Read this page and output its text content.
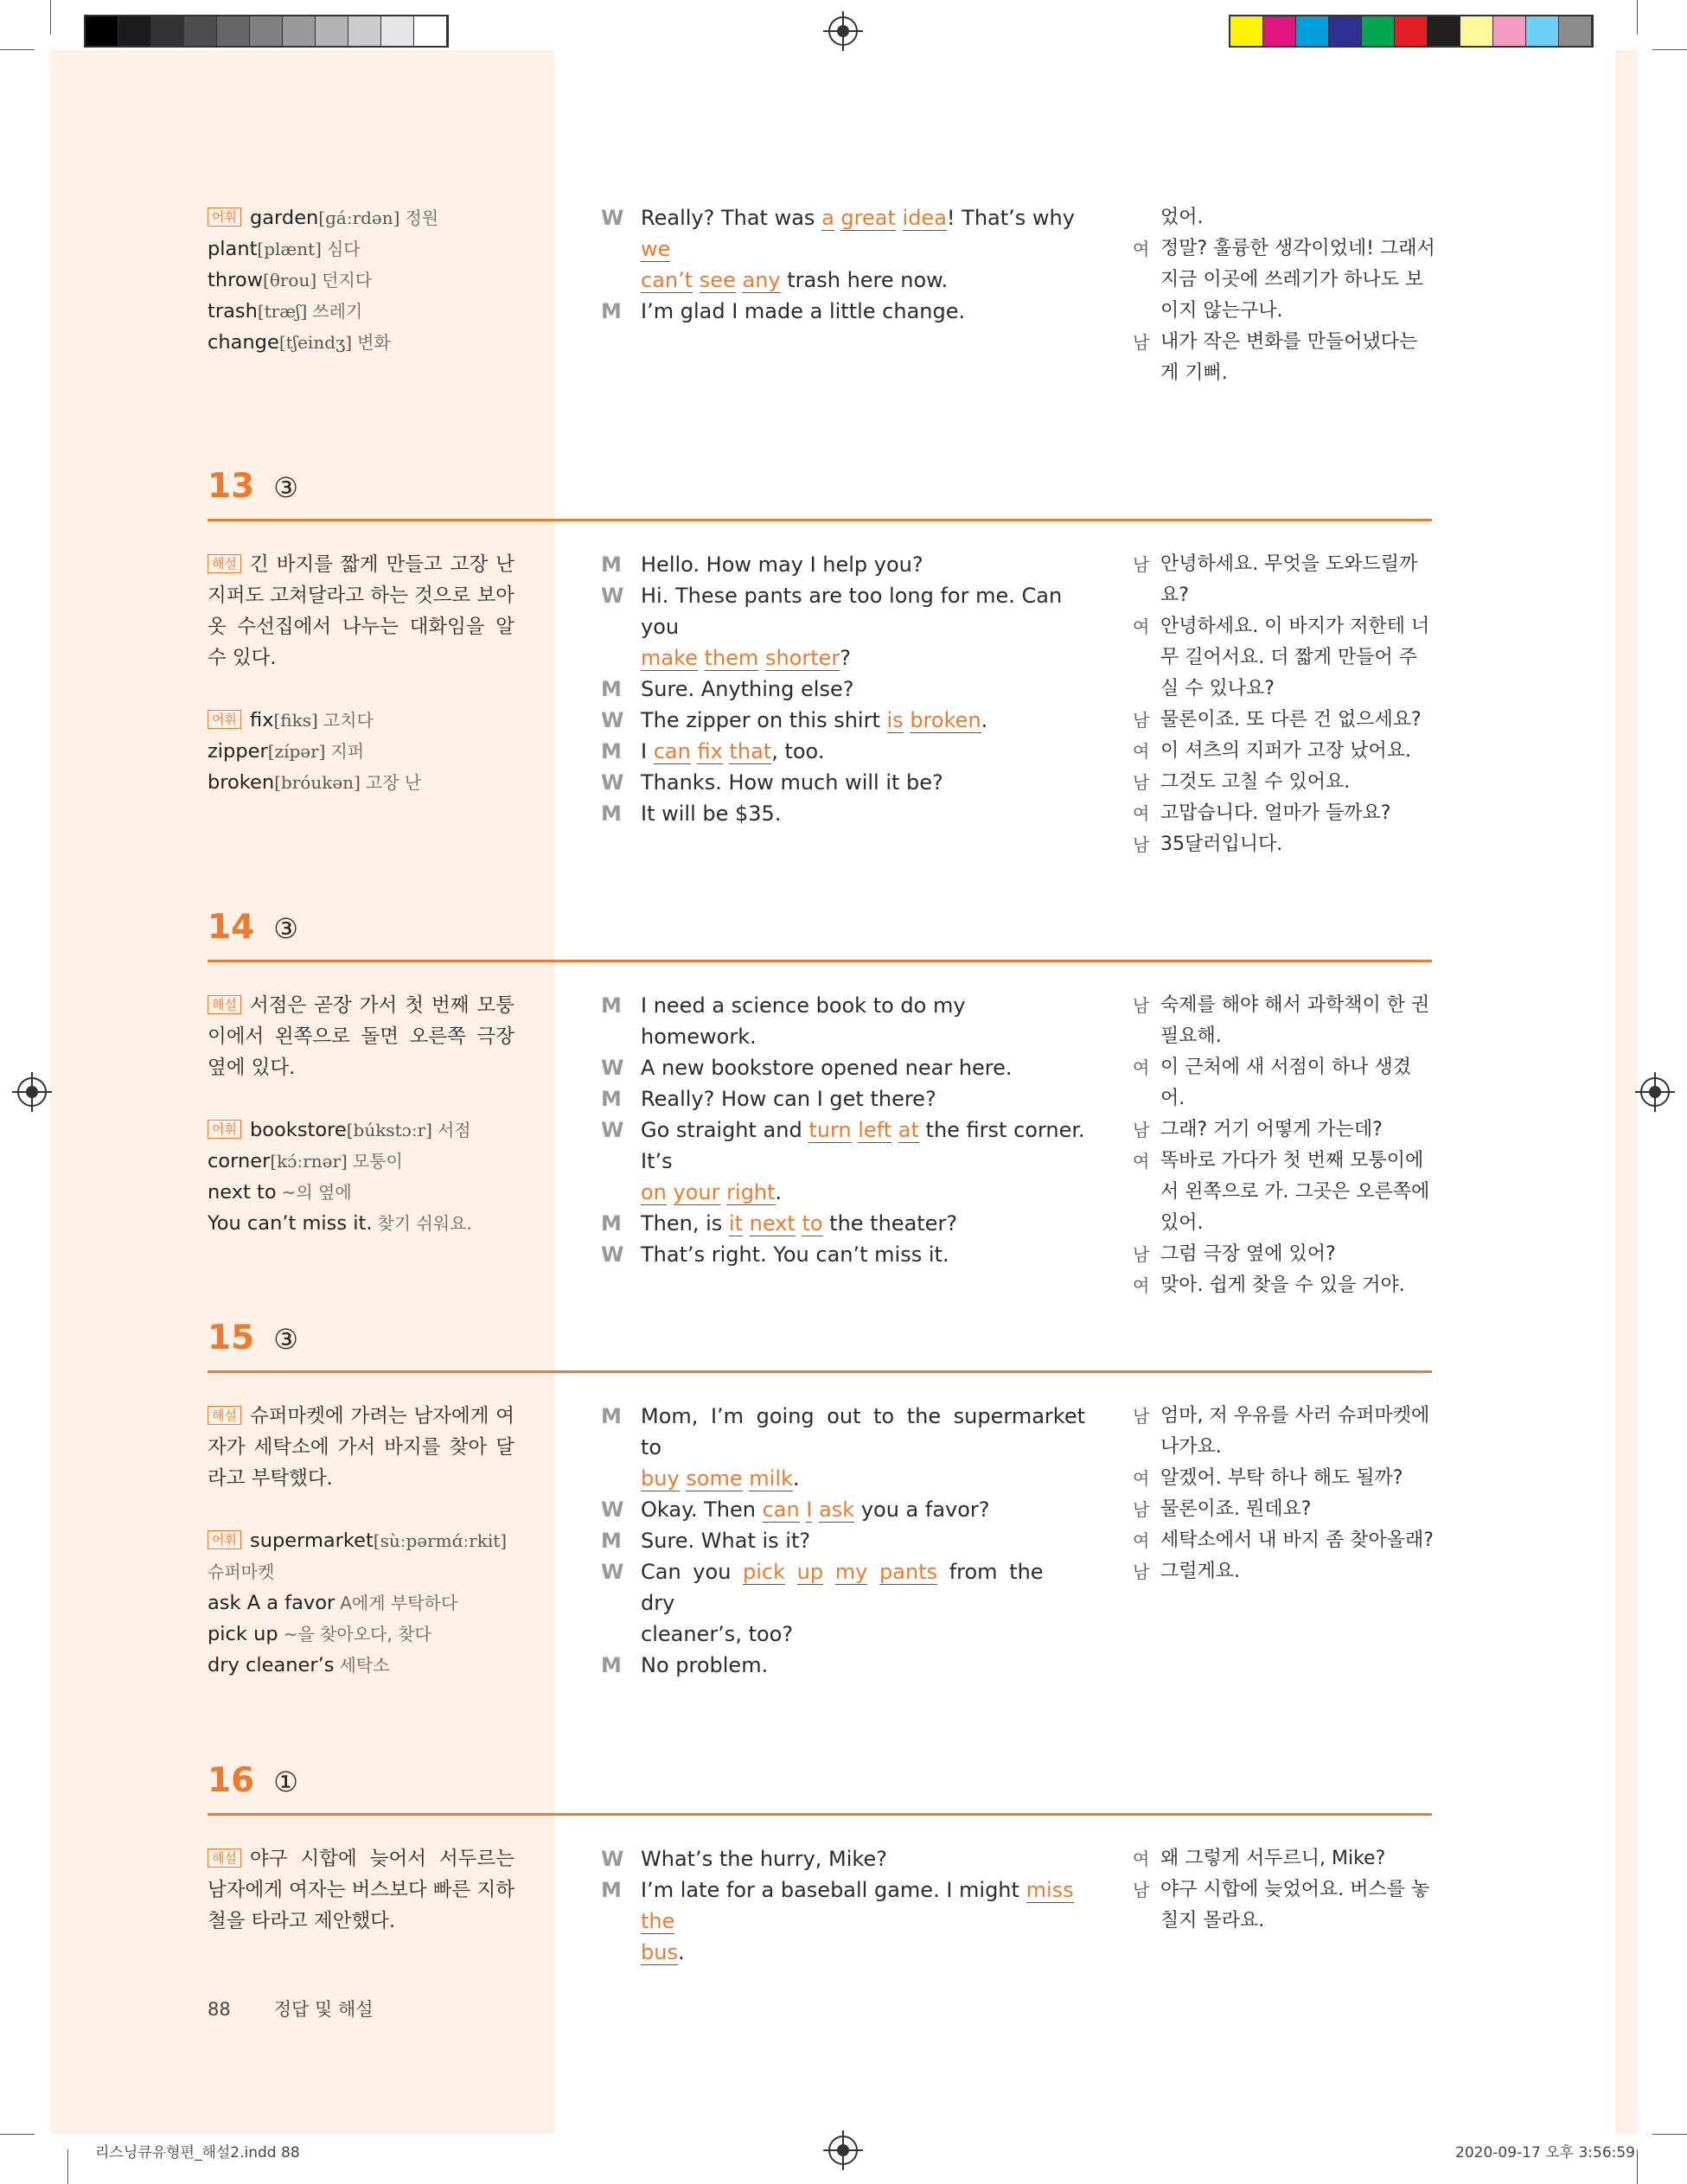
어휘 garden[ɡáːrdən] 정원
plant[plænt] 심다
throw[θrou] 던지다
trash[træʃ] 쓰레기
change[tʃeindʒ] 변화
W Really? That was a great idea! That’s why we
can’t see any trash here now.
M I’m glad I made a little change.
었어.
여 정말? 훌륭한 생각이었네! 그래서 지금 이곳에 쓰레기가 하나도 보이지 않는구나.
남 내가 작은 변화를 만들어냈다는 게 기뻐.
13 ③
해설 긴 바지를 짧게 만들고 고장 난 지퍼도 고쳐달라고 하는 것으로 보아 옷 수선집에서 나누는 대화임을 알 수 있다.
어휘 fix[fiks] 고치다
zipper[zípər] 지퍼
broken[bróukən] 고장 난
M Hello. How may I help you?
W Hi. These pants are too long for me. Can you
make them shorter?
M Sure. Anything else?
W The zipper on this shirt is broken.
M I can fix that, too.
W Thanks. How much will it be?
M It will be $35.
남 안녕하세요. 무엇을 도와드릴까요?
여 안녕하세요. 이 바지가 저한테 너무 길어서요. 더 짧게 만들어 주실 수 있나요?
남 물론이죠. 또 다른 건 없으세요?
여 이 셔츠의 지퍼가 고장 났어요.
남 그것도 고칠 수 있어요.
여 고맙습니다. 얼마가 들까요?
남 35달러입니다.
14 ③
해설 서점은 곧장 가서 첫 번째 모퉁이에서 왼쪽으로 돌면 오른쪽 극장 옆에 있다.
어휘 bookstore[búkstɔːr] 서점
corner[kɔ́ːrnər] 모퉁이
next to ~의 옆에
You can’t miss it. 찾기 쉬워요.
M I need a science book to do my homework.
W A new bookstore opened near here.
M Really? How can I get there?
W Go straight and turn left at the first corner. It’s
on your right.
M Then, is it next to the theater?
W That’s right. You can’t miss it.
남 숙제를 해야 해서 과학책이 한 권 필요해.
여 이 근처에 새 서점이 하나 생겼어.
남 그래? 거기 어떻게 가는데?
여 똑바로 가다가 첫 번째 모퉁이에서 왼쪽으로 가. 그곳은 오른쪽에 있어.
남 그럼 극장 옆에 있어?
여 맞아. 쉽게 찾을 수 있을 거야.
15 ③
해설 슈퍼마켓에 가려는 남자에게 여자가 세탁소에 가서 바지를 찾아 달라고 부탁했다.
어휘 supermarket[sùːpərmɑ́ːrkit]
슈퍼마켓
ask A a favor A에게 부탁하다
pick up ~을 찾아오다, 찾다
dry cleaner’s 세탁소
M Mom, I’m going out to the supermarket to
buy some milk.
W Okay. Then can I ask you a favor?
M Sure. What is it?
W Can you pick up my pants from the dry
cleaner’s, too?
M No problem.
남 엄마, 저 우유를 사러 슈퍼마켓에 나가요.
여 알겠어. 부탁 하나 해도 될까?
남 물론이죠. 뭔데요?
여 세탁소에서 내 바지 좀 찾아올래?
남 그럴게요.
16 ①
해설 야구 시합에 늦어서 서두르는 남자에게 여자는 버스보다 빠른 지하철을 타라고 제안했다.
W What’s the hurry, Mike?
M I’m late for a baseball game. I might miss the
bus.
여 왜 그렇게 서두르니, Mike?
남 야구 시합에 늦었어요. 버스를 놓칠지 몰라요.
88 정답 및 해설
리스닝큐유형편_해설2.indd 88	2020-09-17 오후 3:56:59
